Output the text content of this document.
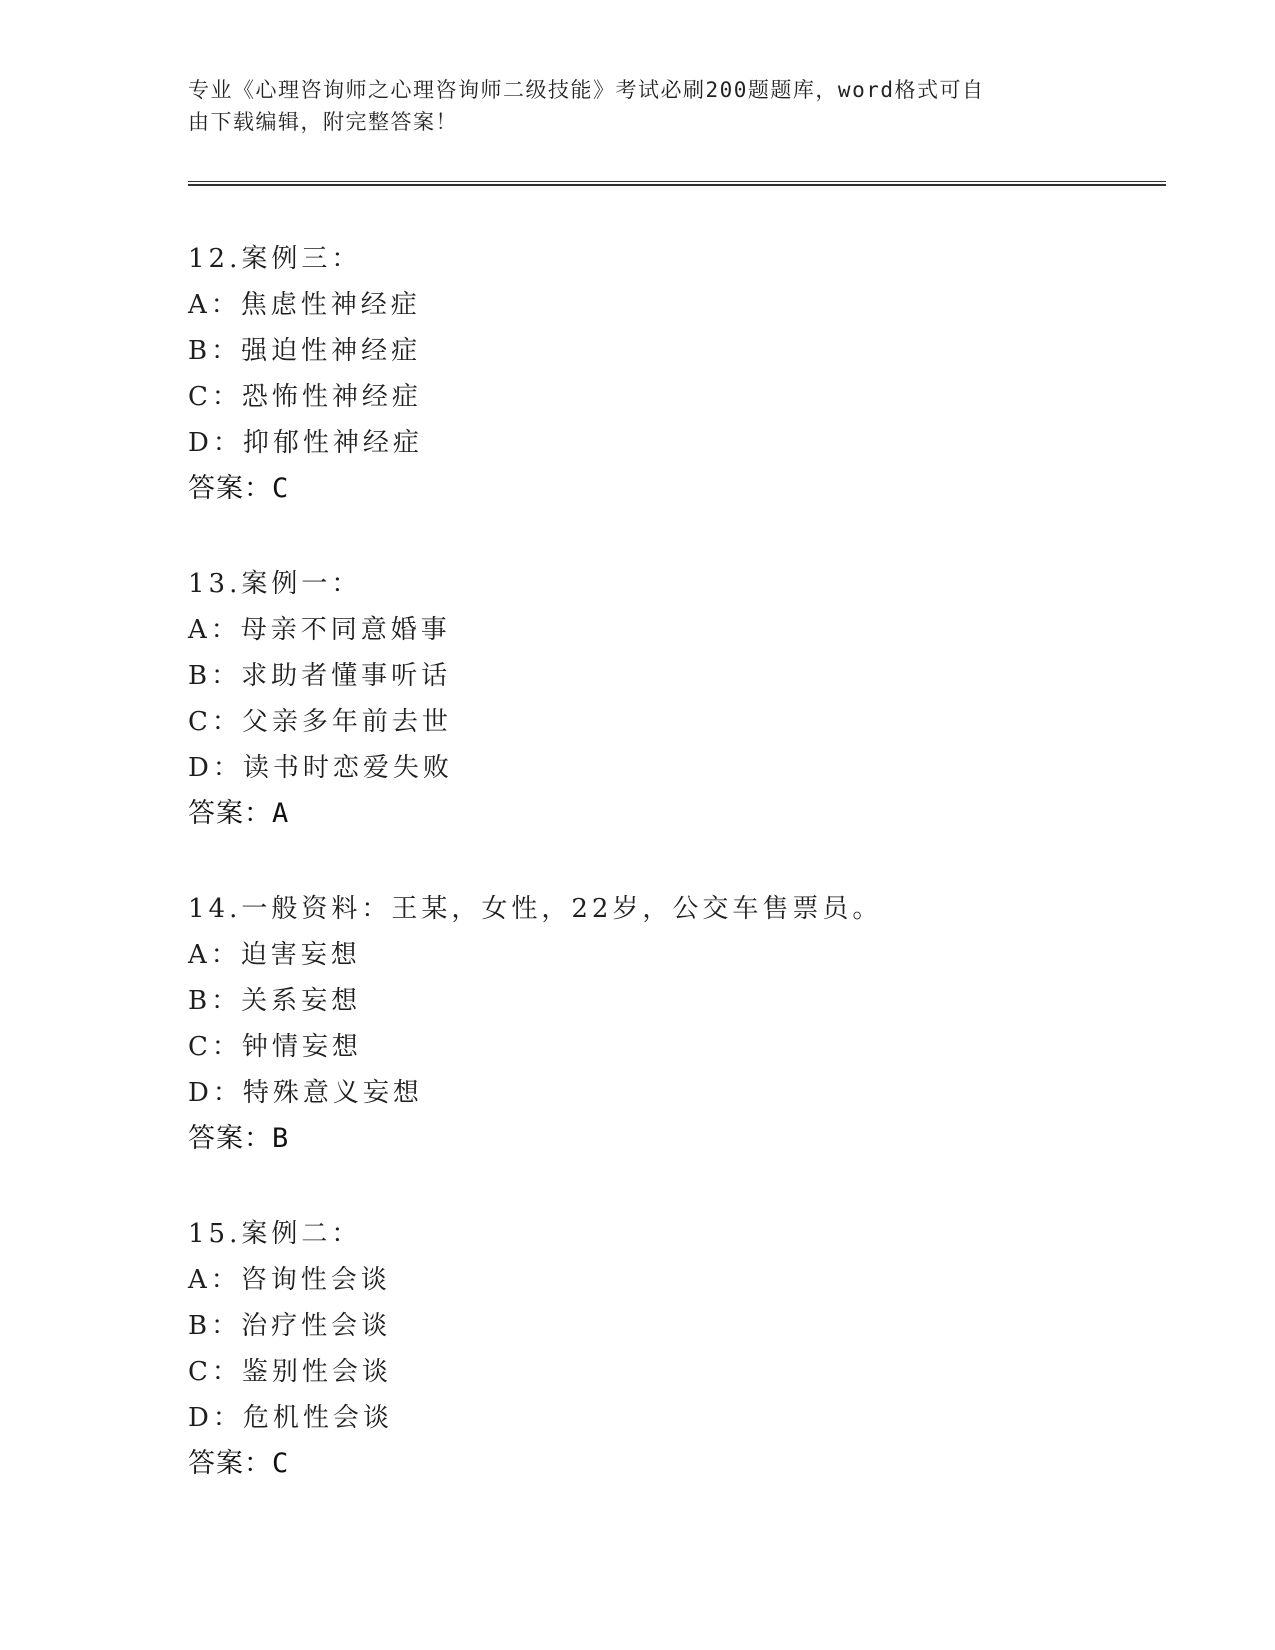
专业《心理咨询师之心理咨询师二级技能》考试必刷200题题库，word格式可自
由下载编辑，附完整答案！
12.案例三：
A：焦虑性神经症
B：强迫性神经症
C：恐怖性神经症
D：抑郁性神经症
答案：C
13.案例一：
A：母亲不同意婚事
B：求助者懂事听话
C：父亲多年前去世
D：读书时恋爱失败
答案：A
14.一般资料：王某，女性，22岁，公交车售票员。
A：迫害妄想
B：关系妄想
C：钟情妄想
D：特殊意义妄想
答案：B
15.案例二：
A：咨询性会谈
B：治疗性会谈
C：鉴别性会谈
D：危机性会谈
答案：C
